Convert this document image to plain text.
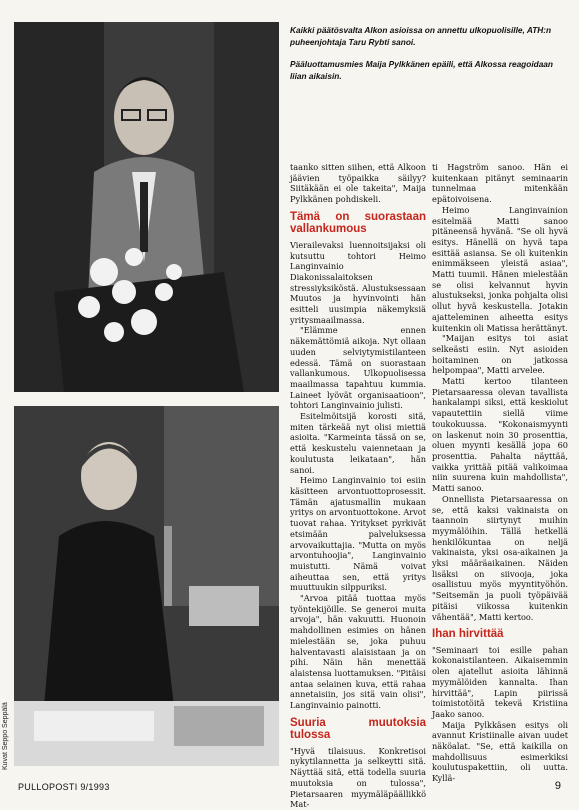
Kuvat Seppo Seppälä

Kaikki päätösvalta Alkon asioissa on annettu ulkopuolisille, ATH:n puheenjohtaja Taru Rybti sanoi.

Pääluottamusmies Maija Pylkkänen epäili, että Alkossa reagoidaan liian aikaisin.

taanko sitten siihen, että Alkoon jäävien työpaikka säilyy? Siitäkään ei ole takeita", Maija Pylkkänen pohdiskeli.

Tämä on suorastaan vallankumous

Vierailevaksi luennoitsijaksi oli kutsuttu tohtori Heimo Langinvainio Diakonissalaitoksen stressiyksiköstä. Alustuksessaan Muutos ja hyvinvointi hän esitteli uusimpia näkemyksiä yritysmaailmassa.

"Elämme ennen näkemättömiä aikoja. Nyt ollaan uuden selviytymistilanteen edessä. Tämä on suorastaan vallankumous. Ulkopuolisessa maailmassa tapahtuu kummia. Laineet lyövät organisaatioon", tohtori Langinvainio julisti.

Esitelmöitsijä korosti sitä, miten tärkeää nyt olisi miettiä asioita. "Karmeinta tässä on se, että keskustelu vaiennetaan ja koulutusta leikataan", hän sanoi.

Heimo Langinvainio toi esiin käsitteen arvontuottoprosessit. Tämän ajatusmallin mukaan yritys on arvontuottokone. Arvot tuovat rahaa. Yritykset pyrkivät etsimään palveluksessa arvovaikuttajia. "Mutta on myös arvontuhoojia", Langinvainio muistutti. Nämä voivat aiheuttaa sen, että yritys muuttuukin silppuriksi.

"Arvoa pitää tuottaa myös työntekijöille. Se generoi muita arvoja", hän vakuutti. Huonoin mahdollinen esimies on hänen mielestään se, joka puhuu halventavasti alaisistaan ja on pihi. Näin hän menettää alaistensa luottamuksen. "Pitäisi antaa selainen kuva, että rahaa annetaisiin, jos sitä vain olisi", Langinvainio painotti.

Suuria muutoksia tulossa

"Hyvä tilaisuus. Konkretisoi nykytilannetta ja selkeytti sitä. Näyttää sitä, että todella suuria muutoksia on tulossa", Pietarsaaren myymäläpäällikkö Mat-

ti Hagström sanoo. Hän ei kuitenkaan pitänyt seminaarin tunnelmaa mitenkään epätoivoisena.

Heimo Langinvainion esitelmää Matti sanoo pitäneensä hyvänä. "Se oli hyvä esitys. Hänellä on hyvä tapa esittää asiansa. Se oli kuitenkin enimmäkseen yleistä asiaa", Matti tuumii. Hänen mielestään se olisi kelvannut hyvin alustukseksi, jonka pohjalta olisi ollut hyvä keskustella. Jotakin ajatteleminen aiheetta esitys kuitenkin oli Matissa herättänyt.

"Maijan esitys toi asiat selkeästi esiin. Nyt asioiden hoitaminen on jatkossa helpompaa", Matti arvelee.

Matti kertoo tilanteen Pietarsaaressa olevan tavallista hankalampi siksi, että keskiolut vapautettiin siellä viime toukokuussa. "Kokonaismyynti on laskenut noin 30 prosenttia, oluen myynti kesällä jopa 60 prosenttia. Pahalta näyttää, vaikka yrittää pitää valikoimaa niin suurena kuin mahdollista", Matti sanoo.

Onnellista Pietarsaaressa on se, että kaksi vakinaista on taannoin siirtynyt muihin myymälöihin. Tällä hetkellä henkilökuntaa on neljä vakinaista, yksi osa-aikainen ja yksi määräaikainen. Näiden lisäksi on siivooja, joka osallistuu myös myyntityöhön. "Seitsemän ja puoli työpäivää pitäisi viikossa kuitenkin vähentää", Matti kertoo.

Ihan hirvittää

"Seminaari toi esille pahan kokonaistilanteen. Aikaisemmin olen ajatellut asioita lähinnä myymälöiden kannalta. Ihan hirvittää", Lapin piirissä toimistotöitä tekevä Kristiina Jaako sanoo.

Maija Pylkkäsen esitys oli avannut Kristiinalle aivan uudet näköalat. "Se, että kaikilla on mahdollisuus esimerkiksi koulutuspakettiin, oli uutta. Kyllä-

PULLOPOSTI 9/1993	9
